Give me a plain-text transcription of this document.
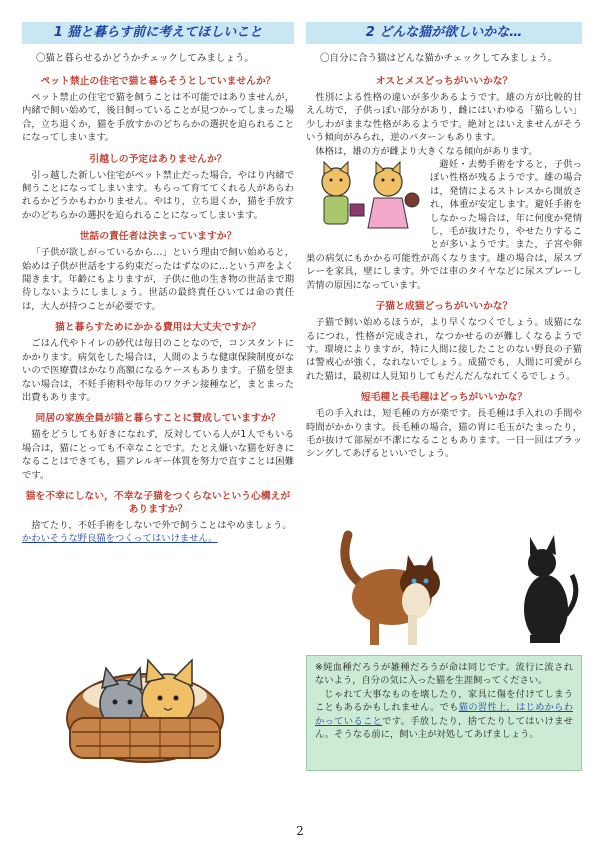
1 猫と暮らす前に考えてほしいこと
〇猫と暮らせるかどうかチェックしてみましょう。
ペット禁止の住宅で猫と暮らそうとしていませんか？

ペット禁止の住宅で猫を飼うことは不可能ではありませんが，内緒で飼い始めて，後日飼っていることが見つかってしまった場合，立ち退くか，猫を手放すかのどちらかの選択を迫られることになってしまいます。

引越しの予定はありませんか？

引っ越した新しい住宅がペット禁止だった場合，やはり内緒で飼うことになってしまいます。もらって育ててくれる人があらわれるかどうかもわかりません。やはり，立ち退くか，猫を手放すかのどちらかの選択を迫られることになってしまいます。

世話の責任者は決まっていますか？

「子供が欲しがっているから…」という理由で飼い始めると，始めは子供が世話をする約束だったはずなのに…という声をよく聞きます。年齢にもよりますが，子供に他の生き物の世話まで期待しないようにしましょう。世話の最終責任ひいては命の責任は，大人が持つことが必要です。

猫と暮らすためにかかる費用は大丈夫ですか？

ごはん代やトイレの砂代は毎日のことなので，コンスタントにかかります。病気をした場合は，人間のような健康保険制度がないので医療費はかなり高額になるケースもあります。子猫を望まない場合は，不妊手術料や毎年のワクチン接種など，まとまった出費もあります。

同居の家族全員が猫と暮らすことに賛成していますか？

猫をどうしても好きになれず，反対している人が1人でもいる場合は，猫にとっても不幸なことです。たとえ嫌いな猫を好きになることはできても，猫アレルギー体質を努力で直すことは困難です。

猫を不幸にしない，不幸な子猫をつくらないという心構えがありますか？

捨てたり，不妊手術をしないで外で飼うことはやめましょう。

かわいそうな野良猫をつくってはいけません。

2 どんな猫が欲しいかな…
〇自分に合う猫はどんな猫かチェックしてみましょう。
オスとメスどっちがいいかな？

性別による性格の違いが多少あるようです。雄の方が比較的甘えん坊で，子供っぽい部分があり，雌にはいわゆる「猫らしい」少しわがままな性格があるようです。絶対とはいえませんがそういう傾向がみられ，逆のパターンもあります。

体格は，雄の方が雌より大きくなる傾向があります。

避妊・去勢手術をすると，子供っぽい性格が残るようです。雄の場合は，発情によるストレスから開放され，体重が安定します。避妊手術をしなかった場合は，年に何度か発情し，毛が抜けたり，やせたりすることが多いようです。また，子宮や卵巣の病気にもかかる可能性が高くなります。雄の場合は，尿スプレーを家具，壁にします。外では車のタイヤなどに尿スプレーし苦情の原因になっています。

子猫と成猫どっちがいいかな？

子猫で飼い始めるほうが，より早くなつくでしょう。成猫になるにつれ，性格が完成され，なつかせるのが難しくなるようです。環境によりますが，特に人間に接したことのない野良の子猫は警戒心が強く，なれないでしょう。成猫でも，人間に可愛がられた猫は，最初は人見知りしてもだんだんなれてくるでしょう。

短毛種と長毛種はどっちがいいかな？

毛の手入れは，短毛種の方が楽です。長毛種は手入れの手間や時間がかかります。長毛種の場合，猫の胃に毛玉がたまったり，毛が抜けて部屋が不潔になることもあります。一日一回はブラッシングしてあげるといいでしょう。

※純血種だろうが雑種だろうが命は同じです。流行に流されないよう，自分の気に入った猫を生涯飼ってください。

じゃれて大事なものを壊したり，家具に傷を付けてしまうこともあるかもしれません。でも猫の習性上，はじめからわかっていることです。手放したり，捨てたりしてはいけません。そうなる前に，飼い主が対処してあげましょう。

2
